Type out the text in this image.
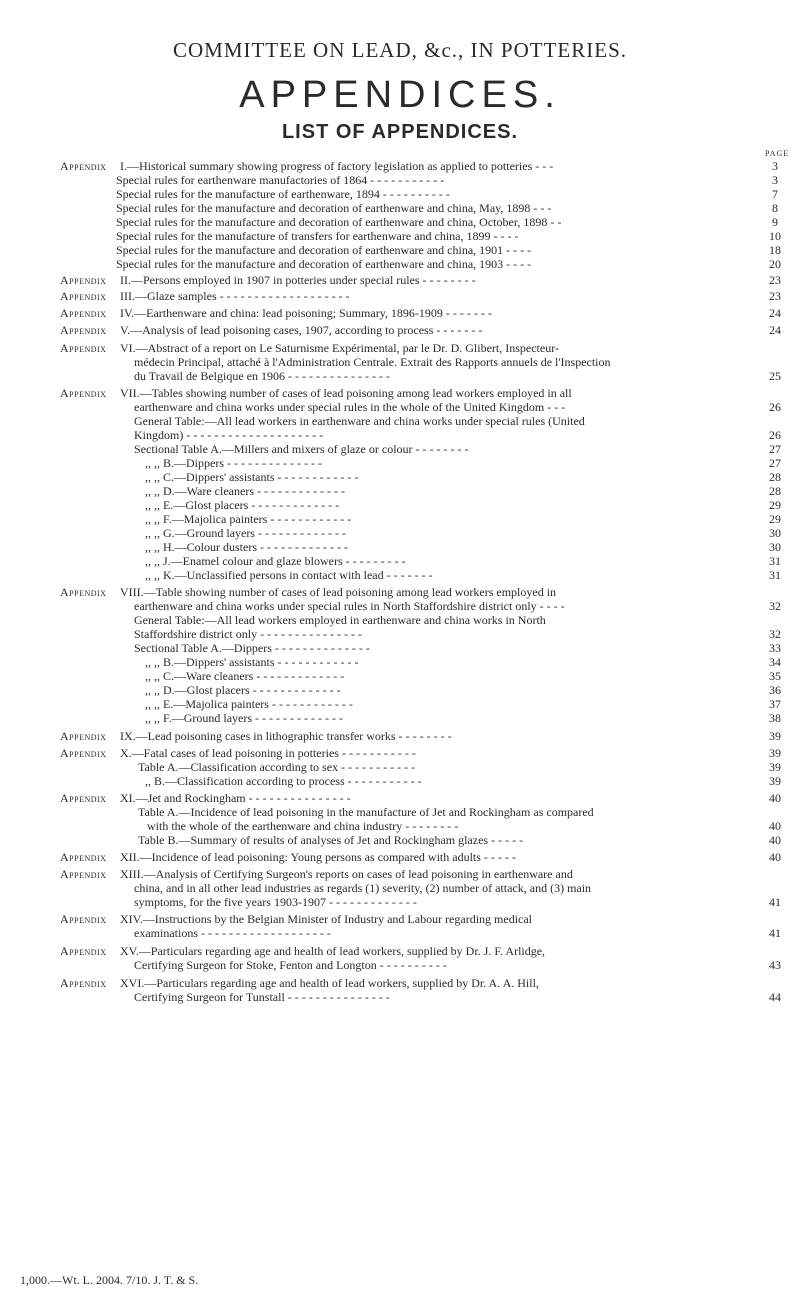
COMMITTEE ON LEAD, &c., IN POTTERIES.
APPENDICES.
LIST OF APPENDICES.
PAGE
Appendix I.—Historical summary showing progress of factory legislation as applied to potteries - - -	3
Special rules for earthenware manufactories of 1864 - - - - - - - - - - -	3
Special rules for the manufacture of earthenware, 1894 - - - - - - - - - -	7
Special rules for the manufacture and decoration of earthenware and china, May, 1898 - - -	8
Special rules for the manufacture and decoration of earthenware and china, October, 1898 - -	9
Special rules for the manufacture of transfers for earthenware and china, 1899 - - - -	10
Special rules for the manufacture and decoration of earthenware and china, 1901 - - - -	18
Special rules for the manufacture and decoration of earthenware and china, 1903 - - - -	20
Appendix II.—Persons employed in 1907 in potteries under special rules - - - - - - - -	23
Appendix III.—Glaze samples - - - - - - - - - - - - - - - - - - -	23
Appendix IV.—Earthenware and china: lead poisoning; Summary, 1896-1909 - - - - - - -	24
Appendix V.—Analysis of lead poisoning cases, 1907, according to process - - - - - - -	24
Appendix VI.—Abstract of a report on Le Saturnisme Expérimental, par le Dr. D. Glibert, Inspecteur-
médecin Principal, attaché à l'Administration Centrale. Extrait des Rapports annuels de l'Inspection
du Travail de Belgique en 1906 - - - - - - - - - - - - - - -	25
Appendix VII.—Tables showing number of cases of lead poisoning among lead workers employed in all
earthenware and china works under special rules in the whole of the United Kingdom - - -	26
General Table:—All lead workers in earthenware and china works under special rules (United
Kingdom) - - - - - - - - - - - - - - - - - - - -	26
Sectional Table A.—Millers and mixers of glaze or colour - - - - - - - -	27
,, ,, B.—Dippers - - - - - - - - - - - - - -	27
,, ,, C.—Dippers' assistants - - - - - - - - - - - -	28
,, ,, D.—Ware cleaners - - - - - - - - - - - - -	28
,, ,, E.—Glost placers - - - - - - - - - - - - -	29
,, ,, F.—Majolica painters - - - - - - - - - - - -	29
,, ,, G.—Ground layers - - - - - - - - - - - - -	30
,, ,, H.—Colour dusters - - - - - - - - - - - - -	30
,, ,, J.—Enamel colour and glaze blowers - - - - - - - - -	31
,, ,, K.—Unclassified persons in contact with lead - - - - - - -	31
Appendix VIII.—Table showing number of cases of lead poisoning among lead workers employed in
earthenware and china works under special rules in North Staffordshire district only - - - -	32
General Table:—All lead workers employed in earthenware and china works in North
Staffordshire district only - - - - - - - - - - - - - - -	32
Sectional Table A.—Dippers - - - - - - - - - - - - - -	33
,, ,, B.—Dippers' assistants - - - - - - - - - - - -	34
,, ,, C.—Ware cleaners - - - - - - - - - - - - -	35
,, ,, D.—Glost placers - - - - - - - - - - - - -	36
,, ,, E.—Majolica painters - - - - - - - - - - - -	37
,, ,, F.—Ground layers - - - - - - - - - - - - -	38
Appendix IX.—Lead poisoning cases in lithographic transfer works - - - - - - - -	39
Appendix X.—Fatal cases of lead poisoning in potteries - - - - - - - - - - -	39
Table A.—Classification according to sex - - - - - - - - - - -	39
,, B.—Classification according to process - - - - - - - - - - -	39
Appendix XI.—Jet and Rockingham - - - - - - - - - - - - - - -	40
Table A.—Incidence of lead poisoning in the manufacture of Jet and Rockingham as compared
with the whole of the earthenware and china industry - - - - - - - -	40
Table B.—Summary of results of analyses of Jet and Rockingham glazes - - - - -	40
Appendix XII.—Incidence of lead poisoning: Young persons as compared with adults - - - - -	40
Appendix XIII.—Analysis of Certifying Surgeon's reports on cases of lead poisoning in earthenware and
china, and in all other lead industries as regards (1) severity, (2) number of attack, and (3) main
symptoms, for the five years 1903-1907 - - - - - - - - - - - - -	41
Appendix XIV.—Instructions by the Belgian Minister of Industry and Labour regarding medical
examinations - - - - - - - - - - - - - - - - - - -	41
Appendix XV.—Particulars regarding age and health of lead workers, supplied by Dr. J. F. Arlidge,
Certifying Surgeon for Stoke, Fenton and Longton - - - - - - - - - -	43
Appendix XVI.—Particulars regarding age and health of lead workers, supplied by Dr. A. A. Hill,
Certifying Surgeon for Tunstall - - - - - - - - - - - - - - -	44
1,000.—Wt. L. 2004. 7/10. J. T. & S.
